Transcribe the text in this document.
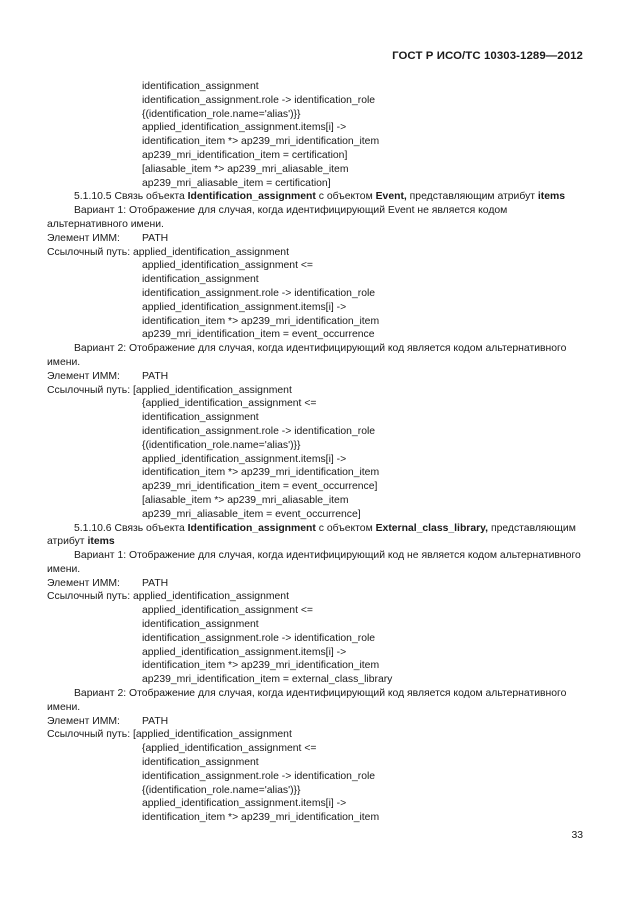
ГОСТ Р ИСО/ТС 10303-1289—2012
identification_assignment
identification_assignment.role -> identification_role
{(identification_role.name='alias')}}
applied_identification_assignment.items[i] ->
identification_item *> ap239_mri_identification_item
ap239_mri_identification_item = certification]
[aliasable_item *> ap239_mri_aliasable_item
ap239_mri_aliasable_item = certification]
5.1.10.5 Связь объекта Identification_assignment с объектом Event, представляющим атрибут items
Вариант 1: Отображение для случая, когда идентифицирующий Event не является кодом альтернативного имени.
Элемент ИММ: PATH
Ссылочный путь: applied_identification_assignment
applied_identification_assignment <=
identification_assignment
identification_assignment.role -> identification_role
applied_identification_assignment.items[i] ->
identification_item *> ap239_mri_identification_item
ap239_mri_identification_item = event_occurrence
Вариант 2: Отображение для случая, когда идентифицирующий код является кодом альтернативного имени.
Элемент ИММ: PATH
Ссылочный путь: [applied_identification_assignment
{applied_identification_assignment <=
identification_assignment
identification_assignment.role -> identification_role
{(identification_role.name='alias')}}
applied_identification_assignment.items[i] ->
identification_item *> ap239_mri_identification_item
ap239_mri_identification_item = event_occurrence]
[aliasable_item *> ap239_mri_aliasable_item
ap239_mri_aliasable_item = event_occurrence]
5.1.10.6 Связь объекта Identification_assignment с объектом External_class_library, представляющим атрибут items
Вариант 1: Отображение для случая, когда идентифицирующий код не является кодом альтернативного имени.
Элемент ИММ: PATH
Ссылочный путь: applied_identification_assignment
applied_identification_assignment <=
identification_assignment
identification_assignment.role -> identification_role
applied_identification_assignment.items[i] ->
identification_item *> ap239_mri_identification_item
ap239_mri_identification_item = external_class_library
Вариант 2: Отображение для случая, когда идентифицирующий код является кодом альтернативного имени.
Элемент ИММ: PATH
Ссылочный путь: [applied_identification_assignment
{applied_identification_assignment <=
identification_assignment
identification_assignment.role -> identification_role
{(identification_role.name='alias')}}
applied_identification_assignment.items[i] ->
identification_item *> ap239_mri_identification_item
33
